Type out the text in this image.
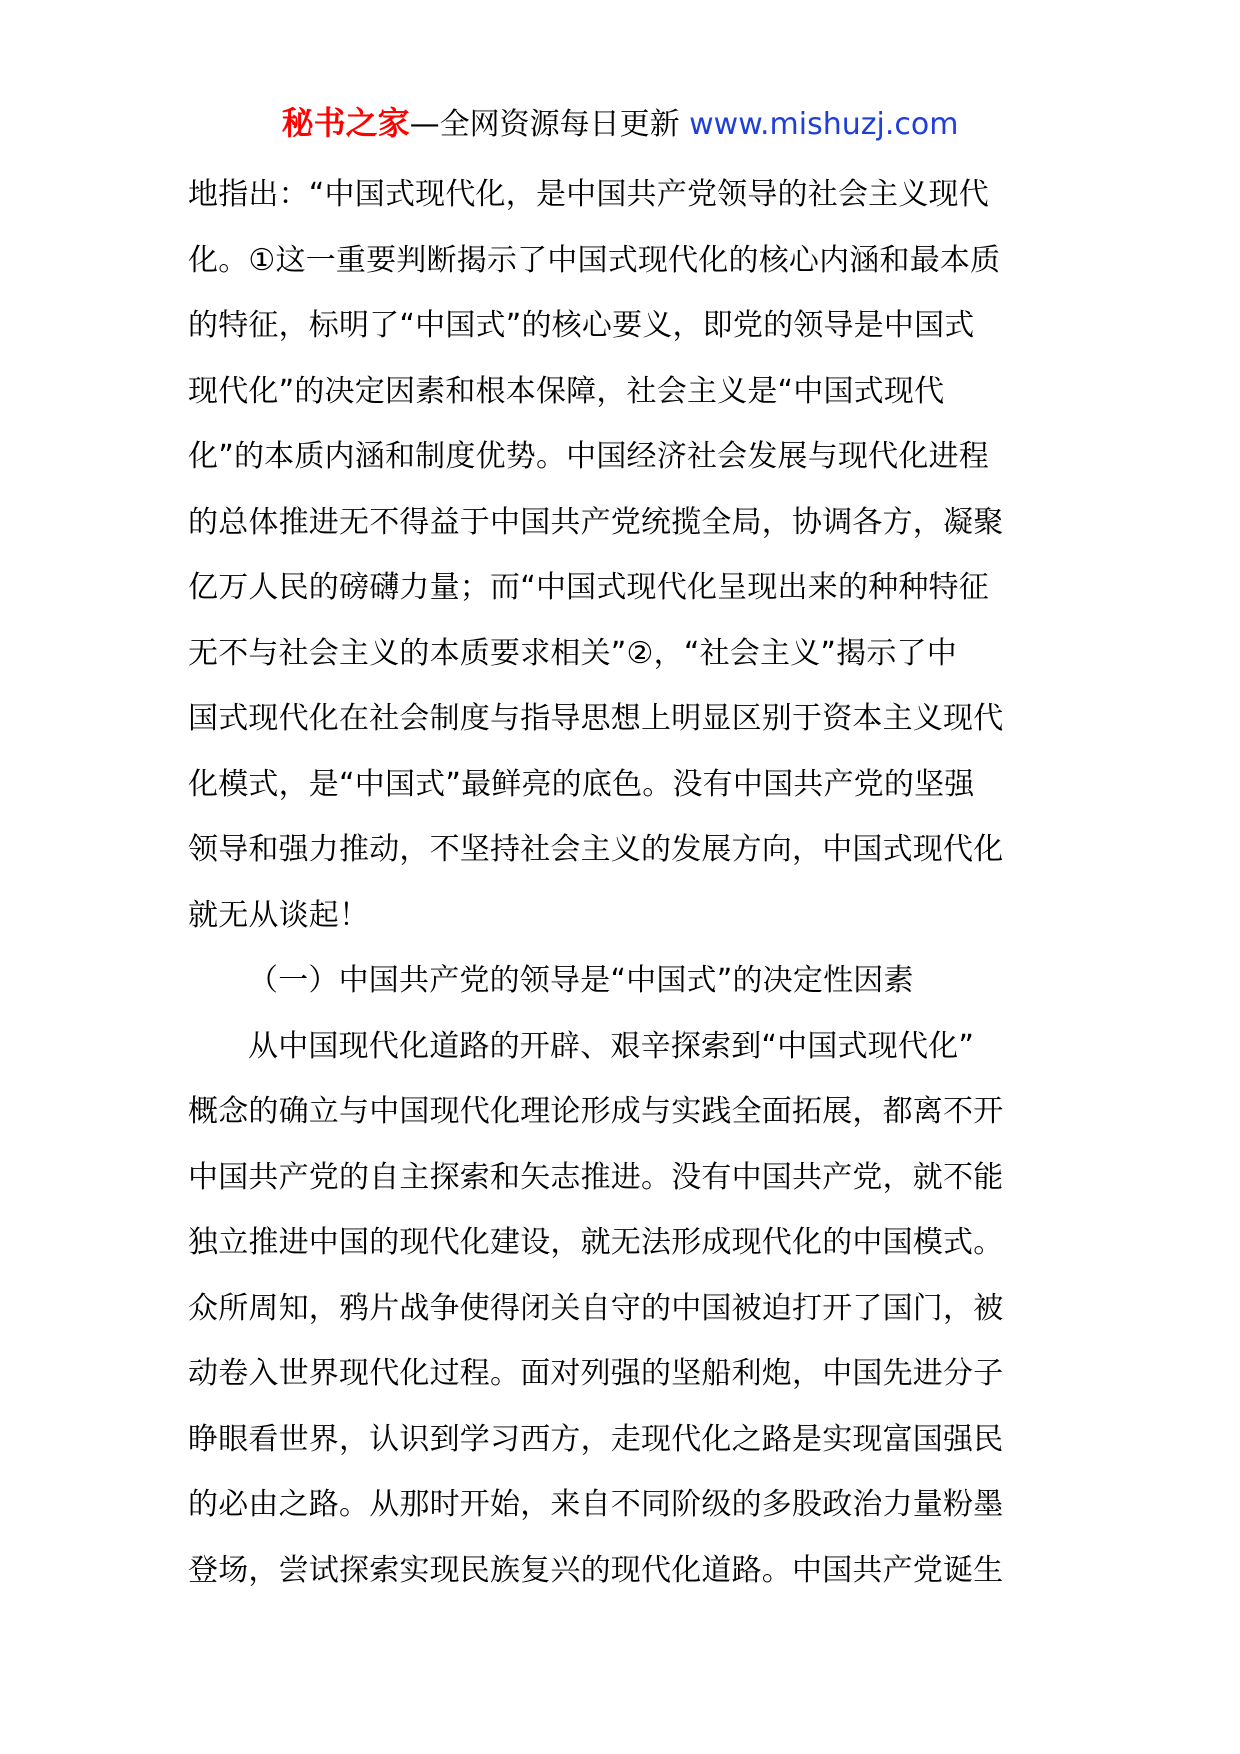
秘书之家—全网资源每日更新 www.mishuzj.com
地指出：“中国式现代化，是中国共产党领导的社会主义现代
化。①这一重要判断揭示了中国式现代化的核心内涵和最本质
的特征，标明了“中国式”的核心要义，即党的领导是中国式
现代化”的决定因素和根本保障，社会主义是“中国式现代
化”的本质内涵和制度优势。中国经济社会发展与现代化进程
的总体推进无不得益于中国共产党统揽全局，协调各方，凝聚
亿万人民的磅礴力量；而“中国式现代化呈现出来的种种特征
无不与社会主义的本质要求相关”②，“社会主义”揭示了中
国式现代化在社会制度与指导思想上明显区别于资本主义现代
化模式，是“中国式”最鲜亮的底色。没有中国共产党的坚强
领导和强力推动，不坚持社会主义的发展方向，中国式现代化
就无从谈起！
（一）中国共产党的领导是“中国式”的决定性因素
从中国现代化道路的开辟、艰辛探索到“中国式现代化”
概念的确立与中国现代化理论形成与实践全面拓展，都离不开
中国共产党的自主探索和矢志推进。没有中国共产党，就不能
独立推进中国的现代化建设，就无法形成现代化的中国模式。
众所周知，鸦片战争使得闭关自守的中国被迫打开了国门，被
动卷入世界现代化过程。面对列强的坚船利炮，中国先进分子
睁眼看世界，认识到学习西方，走现代化之路是实现富国强民
的必由之路。从那时开始，来自不同阶级的多股政治力量粉墨
登场，尝试探索实现民族复兴的现代化道路。中国共产党诞生
